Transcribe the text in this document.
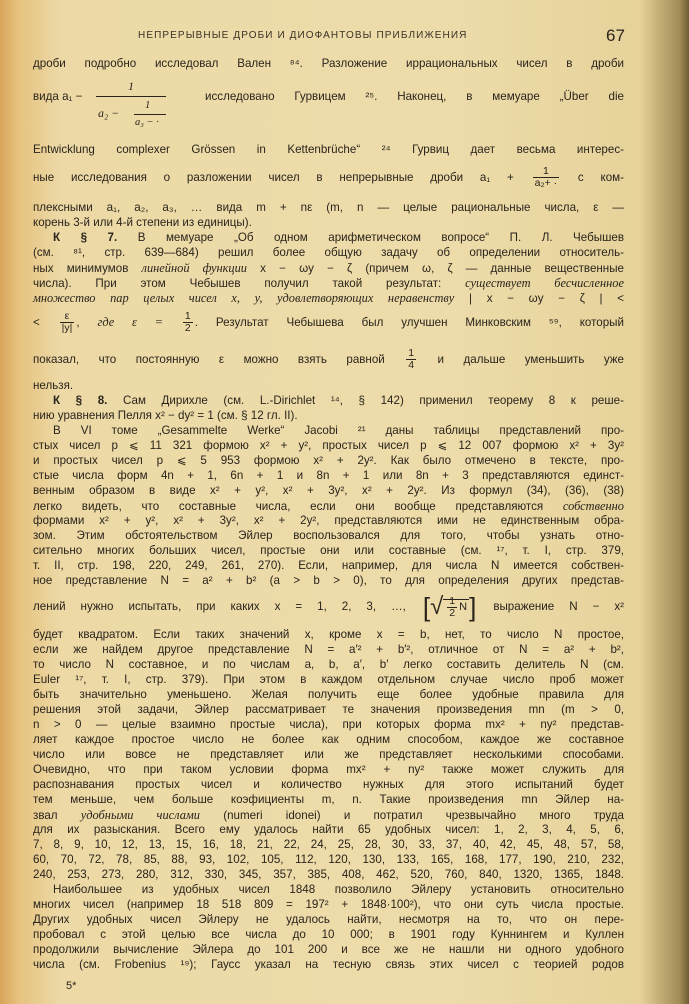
НЕПРЕРЫВНЫЕ ДРОБИ И ДИОФАНТОВЫ ПРИБЛИЖЕНИЯ	67
дроби подробно исследовал Вален ⁸⁴. Разложение иррациональных чисел в дроби
Entwicklung complexer Grössen in Kettenbrüche“ ²⁴ Гурвиц дает весьма интерес-
ные исследования о разложении чисел в непрерывные дроби $a_1 + \frac{1}{\text{a₂+ ·}}$ с ком-
плексными a₁, a₂, a₃, … вида m + nε (m, n — целые рациональные числа, ε —
корень 3-й или 4-й степени из единицы).
К § 7. В мемуаре „Об одном арифметическом вопросе“ П. Л. Чебышев
(см. ⁸¹, стр. 639—684) решил более общую задачу об определении относитель-
ных минимумов линейной функции x − ωy − ζ (причем ω, ζ — данные вещественные
числа). При этом Чебышев получил такой результат: существует бесчисленное
множество пар целых чисел x, y, удовлетворяющих неравенству | x − ωy − ζ | <
< $\frac{\varepsilon}{|y|}$ , где $\varepsilon = \frac{1}{2}$ . Результат Чебышева был улучшен Минковским ⁵⁹, который
показал, что постоянную ε можно взять равной $\frac{1}{4}$ и дальше уменьшить уже
нельзя.
К § 8. Сам Дирихле (см. L.-Dirichlet ¹⁴, § 142) применил теорему 8 к реше-
нию уравнения Пелля x² − dy² = 1 (см. § 12 гл. II).
В VI томе „Gesammelte Werke“ Jacobi ²¹ даны таблицы представлений про-
стых чисел p ⩽ 11 321 формою x² + y², простых чисел p ⩽ 12 007 формою x² + 3y²
и простых чисел p ⩽ 5 953 формою x² + 2y². Как было отмечено в тексте, про-
стые числа форм 4n + 1, 6n + 1 и 8n + 1 или 8n + 3 представляются единст-
венным образом в виде x² + y², x² + 3y², x² + 2y². Из формул (34), (36), (38)
легко видеть, что составные числа, если они вообще представляются собственно
формами x² + y², x² + 3y², x² + 2y², представляются ими не единственным обра-
зом. Этим обстоятельством Эйлер воспользовался для того, чтобы узнать отно-
сительно многих больших чисел, простые они или составные (см. ¹⁷, т. I, стр. 379,
т. II, стр. 198, 220, 249, 261, 270). Если, например, для числа N имеется собствен-
ное представление N = a² + b² (a > b > 0), то для определения других представ-
лений нужно испытать, при каких x = 1, 2, 3, …, [√ $\frac{1}{2} N$] выражение N − x²
будет квадратом. Если таких значений x, кроме x = b, нет, то число N простое,
если же найдем другое представление N = a′² + b′², отличное от N = a² + b²,
то число N составное, и по числам a, b, a′, b′ легко составить делитель N (см.
Euler ¹⁷, т. I, стр. 379). При этом в каждом отдельном случае число проб может
быть значительно уменьшено. Желая получить еще более удобные правила для
решения этой задачи, Эйлер рассматривает те значения произведения mn (m > 0,
n > 0 — целые взаимно простые числа), при которых форма mx² + ny² представ-
ляет каждое простое число не более как одним способом, каждое же составное
число или вовсе не представляет или же представляет несколькими способами.
Очевидно, что при таком условии форма mx² + ny² также может служить для
распознавания простых чисел и количество нужных для этого испытаний будет
тем меньше, чем больше коэфициенты m, n. Такие произведения mn Эйлер на-
звал удобными числами (numeri idonei) и потратил чрезвычайно много труда
для их разыскания. Всего ему удалось найти 65 удобных чисел: 1, 2, 3, 4, 5, 6,
7, 8, 9, 10, 12, 13, 15, 16, 18, 21, 22, 24, 25, 28, 30, 33, 37, 40, 42, 45, 48, 57, 58,
60, 70, 72, 78, 85, 88, 93, 102, 105, 112, 120, 130, 133, 165, 168, 177, 190, 210, 232,
240, 253, 273, 280, 312, 330, 345, 357, 385, 408, 462, 520, 760, 840, 1320, 1365, 1848.
Наибольшее из удобных чисел 1848 позволило Эйлеру установить относительно
многих чисел (например 18 518 809 = 197² + 1848·100²), что они суть числа простые.
Других удобных чисел Эйлеру не удалось найти, несмотря на то, что он пере-
пробовал с этой целью все числа до 10 000; в 1901 году Куннингем и Куллен
продолжили вычисление Эйлера до 101 200 и все же не нашли ни одного удобного
числа (см. Frobenius ¹⁹); Гаусс указал на тесную связь этих чисел с теорией родов
вида a₁ −	исследовано Гурвицем ²⁵. Наконец, в мемуаре „Über die
1
a₂ −
1
a₃ − ·
5*
